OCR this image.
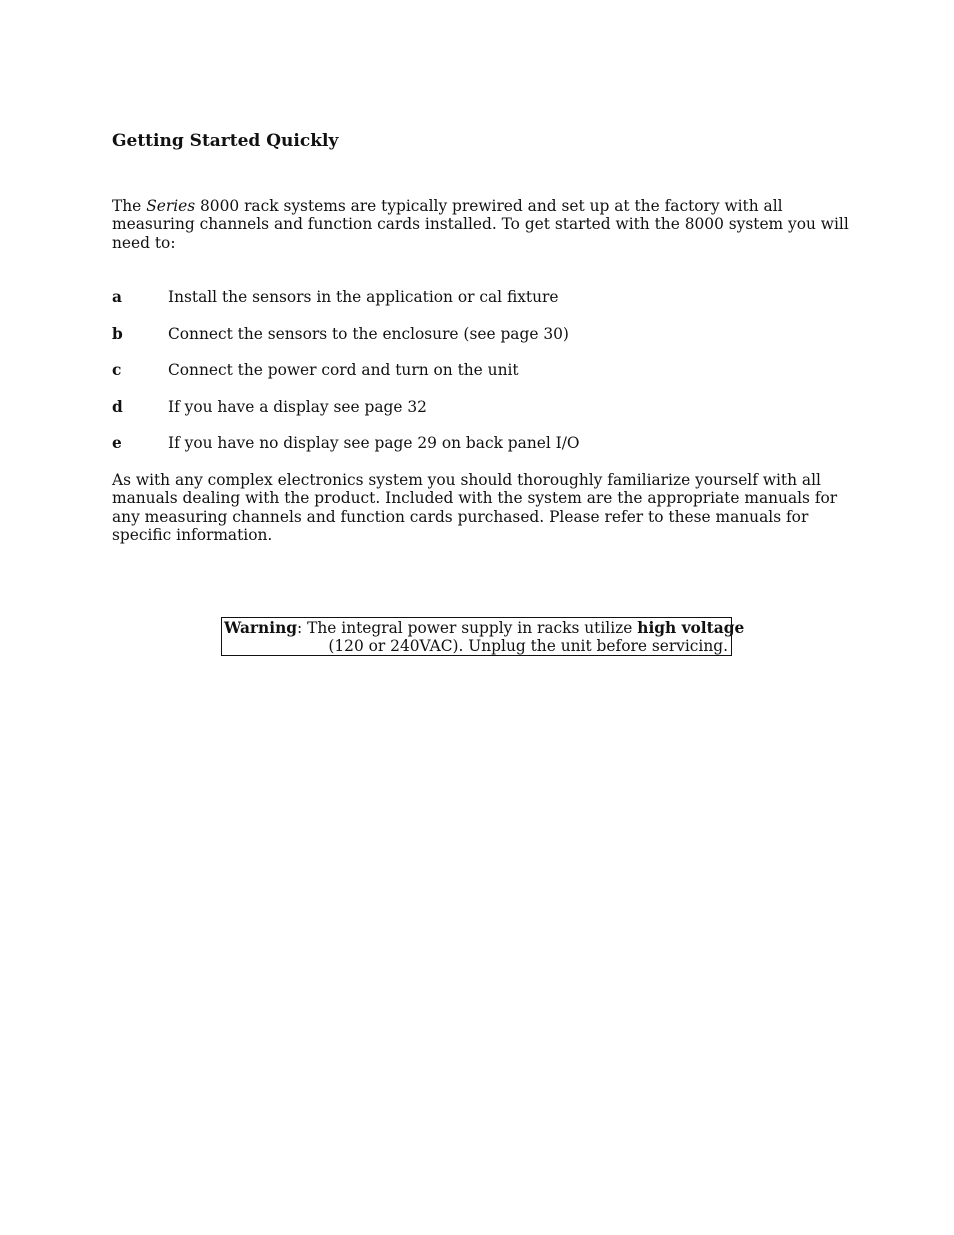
Getting Started Quickly

The Series 8000 rack systems are typically prewired and set up at the factory with all measuring channels and function cards installed. To get started with the 8000 system you will need to:

a	Install the sensors in the application or cal fixture
b	Connect the sensors to the enclosure (see page 30)
c	Connect the power cord and turn on the unit
d	If you have a display see page 32
e	If you have no display see page 29 on back panel I/O

As with any complex electronics system you should thoroughly familiarize yourself with all manuals dealing with the product. Included with the system are the appropriate manuals for any measuring channels and function cards purchased. Please refer to these manuals for specific information.

Warning: The integral power supply in racks utilize high voltage
(120 or 240VAC). Unplug the unit before servicing.
